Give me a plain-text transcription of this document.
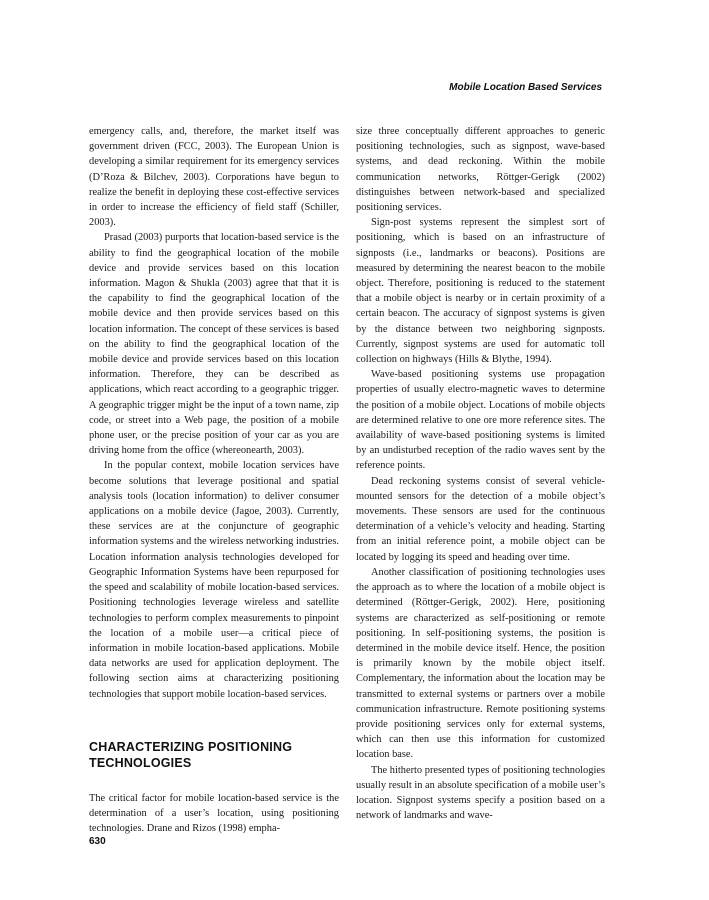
Mobile Location Based Services

emergency calls, and, therefore, the market itself was government driven (FCC, 2003). The European Union is developing a similar requirement for its emergency services (D’Roza & Bilchev, 2003). Corporations have begun to realize the benefit in deploying these cost-effective services in order to increase the efficiency of field staff (Schiller, 2003).

Prasad (2003) purports that location-based service is the ability to find the geographical location of the mobile device and provide services based on this location information. Magon & Shukla (2003) agree that that it is the capability to find the geographical location of the mobile device and then provide services based on this location information. The concept of these services is based on the ability to find the geographical location of the mobile device and provide services based on this location information. Therefore, they can be described as applications, which react according to a geographic trigger. A geographic trigger might be the input of a town name, zip code, or street into a Web page, the position of a mobile phone user, or the precise position of your car as you are driving home from the office (whereonearth, 2003).

In the popular context, mobile location services have become solutions that leverage positional and spatial analysis tools (location information) to deliver consumer applications on a mobile device (Jagoe, 2003). Currently, these services are at the conjuncture of geographic information systems and the wireless networking industries. Location information analysis technologies developed for Geographic Information Systems have been repurposed for the speed and scalability of mobile location-based services. Positioning technologies leverage wireless and satellite technologies to perform complex measurements to pinpoint the location of a mobile user—a critical piece of information in mobile location-based applications. Mobile data networks are used for application deployment. The following section aims at characterizing positioning technologies that support mobile location-based services.

CHARACTERIZING POSITIONING TECHNOLOGIES

The critical factor for mobile location-based service is the determination of a user’s location, using positioning technologies. Drane and Rizos (1998) empha-

size three conceptually different approaches to generic positioning technologies, such as signpost, wave-based systems, and dead reckoning. Within the mobile communication networks, Röttger-Gerigk (2002) distinguishes between network-based and specialized positioning services.

Sign-post systems represent the simplest sort of positioning, which is based on an infrastructure of signposts (i.e., landmarks or beacons). Positions are measured by determining the nearest beacon to the mobile object. Therefore, positioning is reduced to the statement that a mobile object is nearby or in certain proximity of a certain beacon. The accuracy of signpost systems is given by the distance between two neighboring signposts. Currently, signpost systems are used for automatic toll collection on highways (Hills & Blythe, 1994).

Wave-based positioning systems use propagation properties of usually electro-magnetic waves to determine the position of a mobile object. Locations of mobile objects are determined relative to one ore more reference sites. The availability of wave-based positioning systems is limited by an undisturbed reception of the radio waves sent by the reference points.

Dead reckoning systems consist of several vehicle-mounted sensors for the detection of a mobile object’s movements. These sensors are used for the continuous determination of a vehicle’s velocity and heading. Starting from an initial reference point, a mobile object can be located by logging its speed and heading over time.

Another classification of positioning technologies uses the approach as to where the location of a mobile object is determined (Röttger-Gerigk, 2002). Here, positioning systems are characterized as self-positioning or remote positioning. In self-positioning systems, the position is determined in the mobile device itself. Hence, the position is primarily known by the mobile object itself. Complementary, the information about the location may be transmitted to external systems or partners over a mobile communication infrastructure. Remote positioning systems provide positioning services only for external systems, which can then use this information for customized location base.

The hitherto presented types of positioning technologies usually result in an absolute specification of a mobile user’s location. Signpost systems specify a position based on a network of landmarks and wave-

630
